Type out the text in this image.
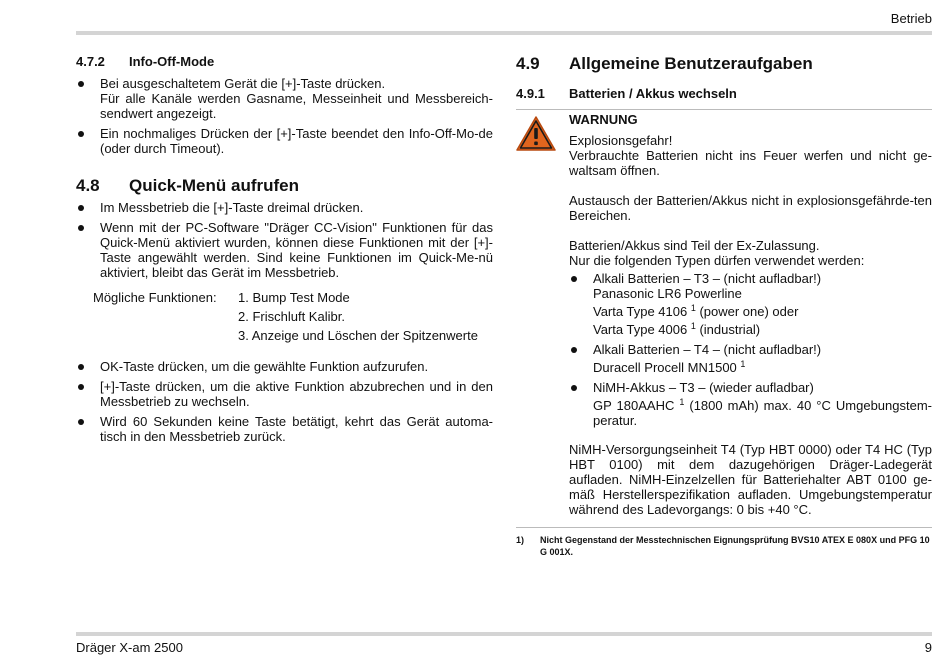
Betrieb
4.7.2	Info-Off-Mode
Bei ausgeschaltetem Gerät die [+]-Taste drücken.
Für alle Kanäle werden Gasname, Messeinheit und Messbereich-sendwert angezeigt.
Ein nochmaliges Drücken der [+]-Taste beendet den Info-Off-Mo-de (oder durch Timeout).
4.8	Quick-Menü aufrufen
Im Messbetrieb die [+]-Taste dreimal drücken.
Wenn mit der PC-Software "Dräger CC-Vision" Funktionen für das Quick-Menü aktiviert wurden, können diese Funktionen mit der [+]-Taste angewählt werden. Sind keine Funktionen im Quick-Me-nü aktiviert, bleibt das Gerät im Messbetrieb.
Mögliche Funktionen:	1. Bump Test Mode
2. Frischluft Kalibr.
3. Anzeige und Löschen der Spitzenwerte
OK-Taste drücken, um die gewählte Funktion aufzurufen.
[+]-Taste drücken, um die aktive Funktion abzubrechen und in den Messbetrieb zu wechseln.
Wird 60 Sekunden keine Taste betätigt, kehrt das Gerät automa-tisch in den Messbetrieb zurück.
4.9	Allgemeine Benutzeraufgaben
4.9.1	Batterien / Akkus wechseln
WARNUNG
Explosionsgefahr!
Verbrauchte Batterien nicht ins Feuer werfen und nicht ge-waltsam öffnen.
Austausch der Batterien/Akkus nicht in explosionsgefährde-ten Bereichen.
Batterien/Akkus sind Teil der Ex-Zulassung.
Nur die folgenden Typen dürfen verwendet werden:
Alkali Batterien – T3 – (nicht aufladbar!)
Panasonic LR6 Powerline
Varta Type 4106 $^1$ (power one) oder
Varta Type 4006 $^1$ (industrial)
Alkali Batterien – T4 – (nicht aufladbar!)
Duracell Procell MN1500 $^1$
NiMH-Akkus – T3 – (wieder aufladbar)
GP 180AAHC $^1$ (1800 mAh) max. 40 °C Umgebungstem-peratur.
NiMH-Versorgungseinheit T4 (Typ HBT 0000) oder T4 HC (Typ HBT 0100) mit dem dazugehörigen Dräger-Ladegerät aufladen. NiMH-Einzelzellen für Batteriehalter ABT 0100 ge-mäß Herstellerspezifikation aufladen. Umgebungstemperatur während des Ladevorgangs: 0 bis +40 °C.
1)	Nicht Gegenstand der Messtechnischen Eignungsprüfung BVS10 ATEX E 080X und PFG 10 G 001X.
Dräger X-am 2500	9
